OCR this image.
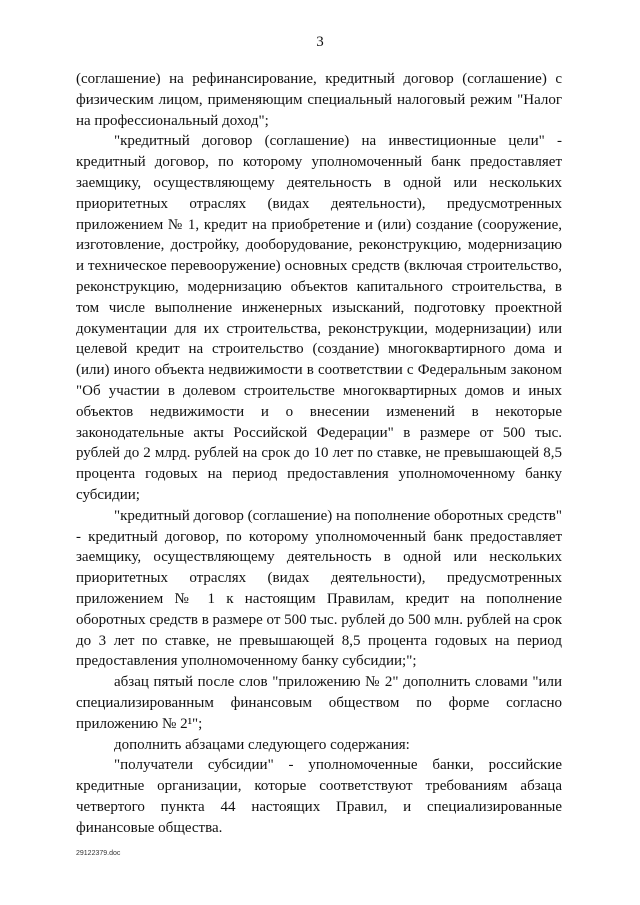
3

(соглашение) на рефинансирование, кредитный договор (соглашение) с физическим лицом, применяющим специальный налоговый режим "Налог на профессиональный доход";

"кредитный договор (соглашение) на инвестиционные цели" - кредитный договор, по которому уполномоченный банк предоставляет заемщику, осуществляющему деятельность в одной или нескольких приоритетных отраслях (видах деятельности), предусмотренных приложением № 1, кредит на приобретение и (или) создание (сооружение, изготовление, достройку, дооборудование, реконструкцию, модернизацию и техническое перевооружение) основных средств (включая строительство, реконструкцию, модернизацию объектов капитального строительства, в том числе выполнение инженерных изысканий, подготовку проектной документации для их строительства, реконструкции, модернизации) или целевой кредит на строительство (создание) многоквартирного дома и (или) иного объекта недвижимости в соответствии с Федеральным законом "Об участии в долевом строительстве многоквартирных домов и иных объектов недвижимости и о внесении изменений в некоторые законодательные акты Российской Федерации" в размере от 500 тыс. рублей до 2 млрд. рублей на срок до 10 лет по ставке, не превышающей 8,5 процента годовых на период предоставления уполномоченному банку субсидии;

"кредитный договор (соглашение) на пополнение оборотных средств" - кредитный договор, по которому уполномоченный банк предоставляет заемщику, осуществляющему деятельность в одной или нескольких приоритетных отраслях (видах деятельности), предусмотренных приложением № 1 к настоящим Правилам, кредит на пополнение оборотных средств в размере от 500 тыс. рублей до 500 млн. рублей на срок до 3 лет по ставке, не превышающей 8,5 процента годовых на период предоставления уполномоченному банку субсидии;";

абзац пятый после слов "приложению № 2" дополнить словами "или специализированным финансовым обществом по форме согласно приложению № 2¹";

дополнить абзацами следующего содержания:

"получатели субсидии" - уполномоченные банки, российские кредитные организации, которые соответствуют требованиям абзаца четвертого пункта 44 настоящих Правил, и специализированные финансовые общества.

29122379.doc
